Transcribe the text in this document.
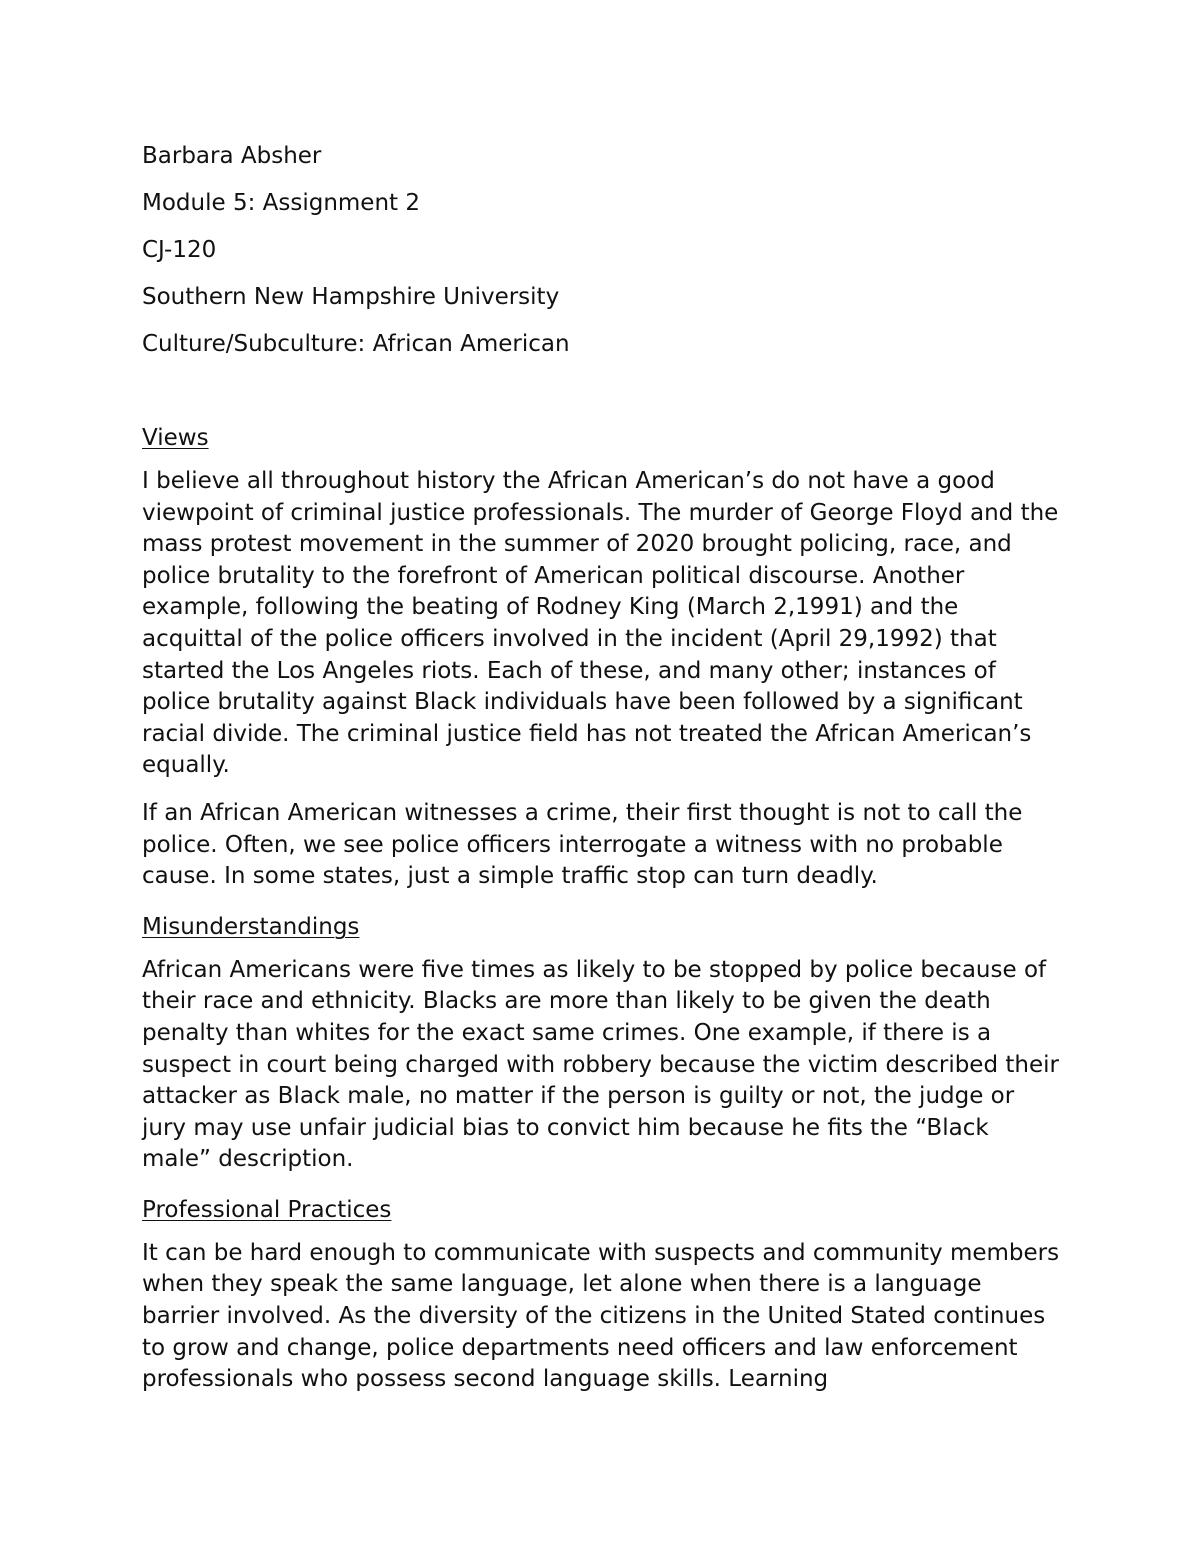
Barbara Absher

Module 5: Assignment 2

CJ-120

Southern New Hampshire University

Culture/Subculture: African American

Views

I believe all throughout history the African American’s do not have a good viewpoint of criminal justice professionals. The murder of George Floyd and the mass protest movement in the summer of 2020 brought policing, race, and police brutality to the forefront of American political discourse. Another example, following the beating of Rodney King (March 2,1991) and the acquittal of the police officers involved in the incident (April 29,1992) that started the Los Angeles riots. Each of these, and many other; instances of police brutality against Black individuals have been followed by a significant racial divide. The criminal justice field has not treated the African American’s equally.

If an African American witnesses a crime, their first thought is not to call the police. Often, we see police officers interrogate a witness with no probable cause. In some states, just a simple traffic stop can turn deadly.

Misunderstandings

African Americans were five times as likely to be stopped by police because of their race and ethnicity. Blacks are more than likely to be given the death penalty than whites for the exact same crimes. One example, if there is a suspect in court being charged with robbery because the victim described their attacker as Black male, no matter if the person is guilty or not, the judge or jury may use unfair judicial bias to convict him because he fits the “Black male” description.

Professional Practices

It can be hard enough to communicate with suspects and community members when they speak the same language, let alone when there is a language barrier involved. As the diversity of the citizens in the United Stated continues to grow and change, police departments need officers and law enforcement professionals who possess second language skills. Learning
